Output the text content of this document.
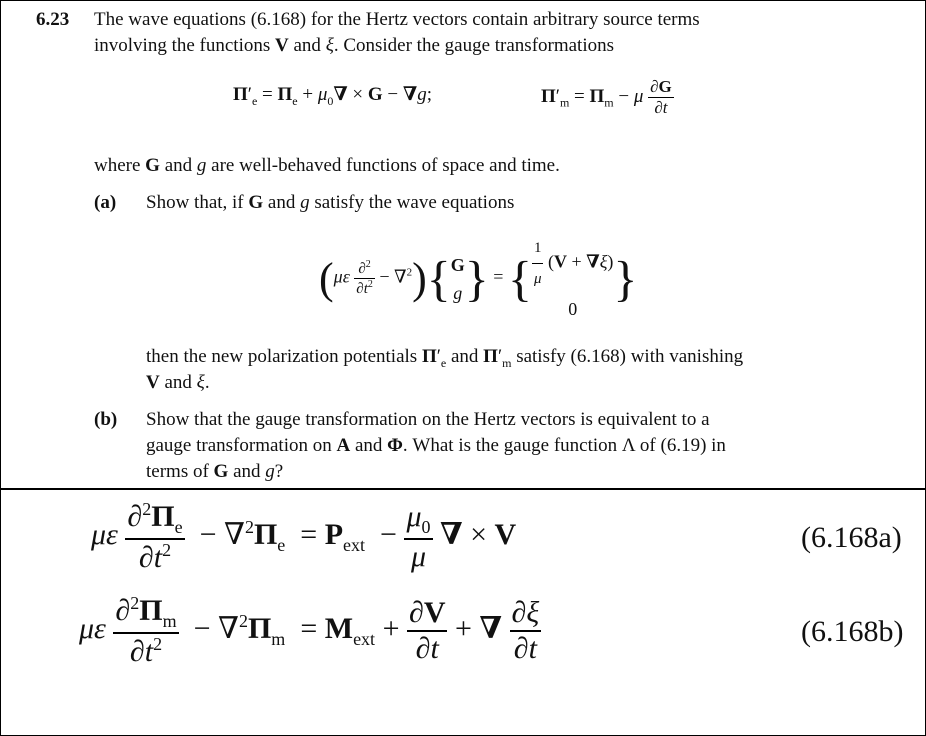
6.23 The wave equations (6.168) for the Hertz vectors contain arbitrary source terms
involving the functions V and ξ. Consider the gauge transformations
$\Pi'_e = \Pi_e + \mu_0\nabla \times G - \nabla g$;	$\Pi'_m = \Pi_m - \mu \frac{\partial G}{\partial t}$
where G and g are well-behaved functions of space and time.
(a) Show that, if G and g satisfy the wave equations
$(\mu\varepsilon \frac{\partial^2}{\partial t^2} - \nabla^2)\{G$
g} = { $\frac{1}{\mu} (V + \nabla\xi)$
0}
then the new polarization potentials $\Pi'_e$ and $\Pi'_m$ satisfy (6.168) with vanishing
V and ξ.
(b) Show that the gauge transformation on the Hertz vectors is equivalent to a
gauge transformation on A and Φ. What is the gauge function Λ of (6.19) in
terms of G and g?
με $\frac{\partial^2\Pi_e}{\partial t^2} - \nabla^2\Pi_e = P_{ext} - \frac{\mu_0}{\mu}$ ∇ × V	(6.168a)
με $\frac{\partial^2\Pi_m}{\partial t^2} - \nabla^2\Pi_m = M_{ext} + \frac{\partial V}{\partial t}$ + ∇ $\frac{\partial\xi}{\partial t}$	(6.168b)
